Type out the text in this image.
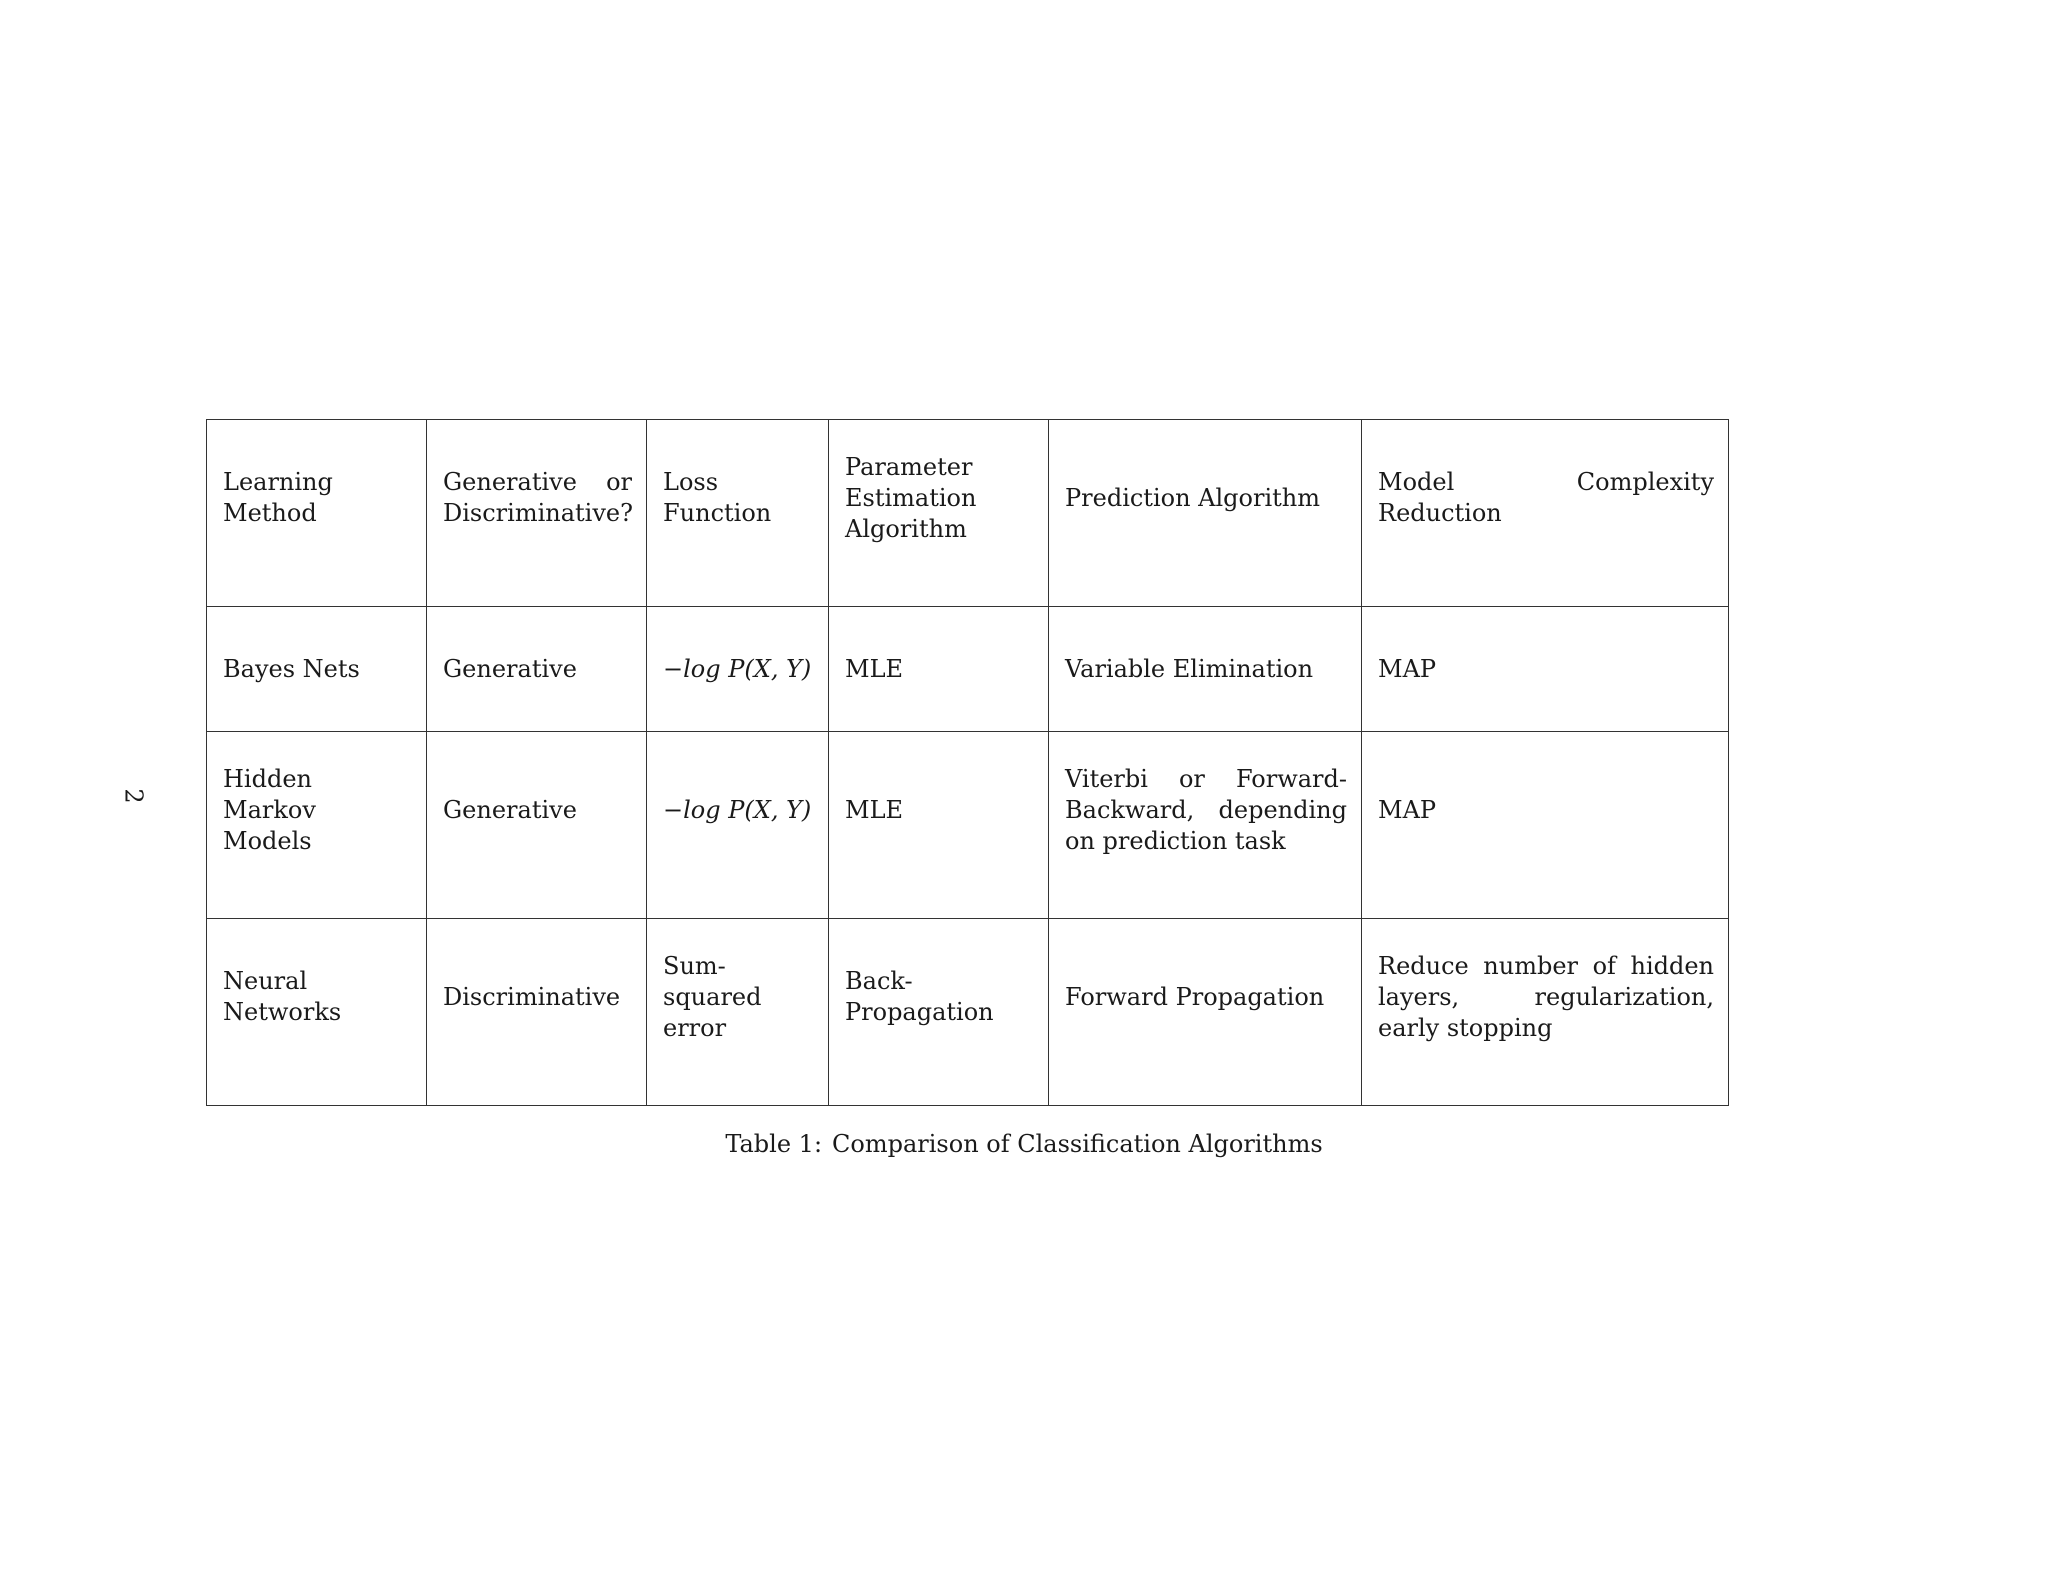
2
Learning Method	Generative or Discriminative?	Loss Function	Parameter Estimation Algorithm	Prediction Algorithm	Model Complexity Reduction

Bayes Nets	Generative	−log P(X, Y)	MLE	Variable Elimination	MAP

Hidden Markov Models	Generative	−log P(X, Y)	MLE	Viterbi or Forward-Backward, depending on prediction task	MAP

Neural Networks	Discriminative	Sum-squared error	Back-Propagation	Forward Propagation	Reduce number of hidden layers, regularization, early stopping
Table 1: Comparison of Classification Algorithms
